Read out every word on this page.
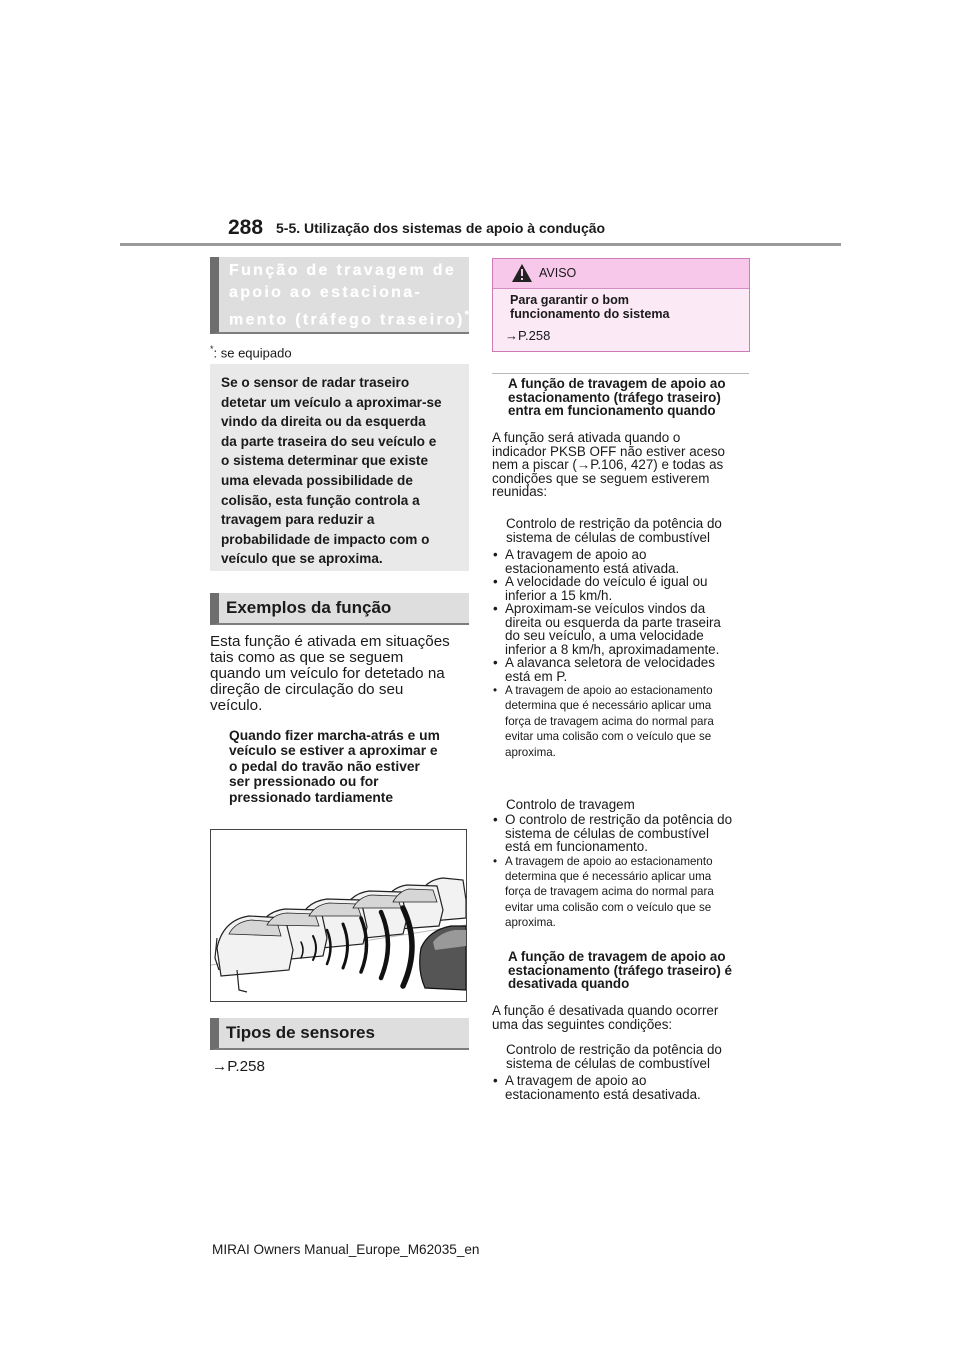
288 5-5. Utilização dos sistemas de apoio à condução
Função de travagem de
apoio ao estaciona-
mento (tráfego traseiro)*
*: se equipado
Se o sensor de radar traseiro
detetar um veículo a aproximar-se
vindo da direita ou da esquerda
da parte traseira do seu veículo e
o sistema determinar que existe
uma elevada possibilidade de
colisão, esta função controla a
travagem para reduzir a
probabilidade de impacto com o
veículo que se aproxima.
Exemplos da função
Esta função é ativada em situações
tais como as que se seguem
quando um veículo for detetado na
direção de circulação do seu
veículo.
Quando fizer marcha-atrás e um
veículo se estiver a aproximar e
o pedal do travão não estiver
ser pressionado ou for
pressionado tardiamente
Tipos de sensores
→P.258
AVISO
Para garantir o bom
funcionamento do sistema
→P.258
A função de travagem de apoio ao
estacionamento (tráfego traseiro)
entra em funcionamento quando
A função será ativada quando o
indicador PKSB OFF não estiver aceso
nem a piscar (→P.106, 427) e todas as
condições que se seguem estiverem
reunidas:
Controlo de restrição da potência do
sistema de células de combustível
• A travagem de apoio ao
estacionamento está ativada.
• A velocidade do veículo é igual ou
inferior a 15 km/h.
• Aproximam-se veículos vindos da
direita ou esquerda da parte traseira
do seu veículo, a uma velocidade
inferior a 8 km/h, aproximadamente.
• A alavanca seletora de velocidades
está em P.
• A travagem de apoio ao estacionamento
determina que é necessário aplicar uma
força de travagem acima do normal para
evitar uma colisão com o veículo que se
aproxima.
Controlo de travagem
• O controlo de restrição da potência do
sistema de células de combustível
está em funcionamento.
• A travagem de apoio ao estacionamento
determina que é necessário aplicar uma
força de travagem acima do normal para
evitar uma colisão com o veículo que se
aproxima.
A função de travagem de apoio ao
estacionamento (tráfego traseiro) é
desativada quando
A função é desativada quando ocorrer
uma das seguintes condições:
Controlo de restrição da potência do
sistema de células de combustível
• A travagem de apoio ao
estacionamento está desativada.
MIRAI Owners Manual_Europe_M62035_en
